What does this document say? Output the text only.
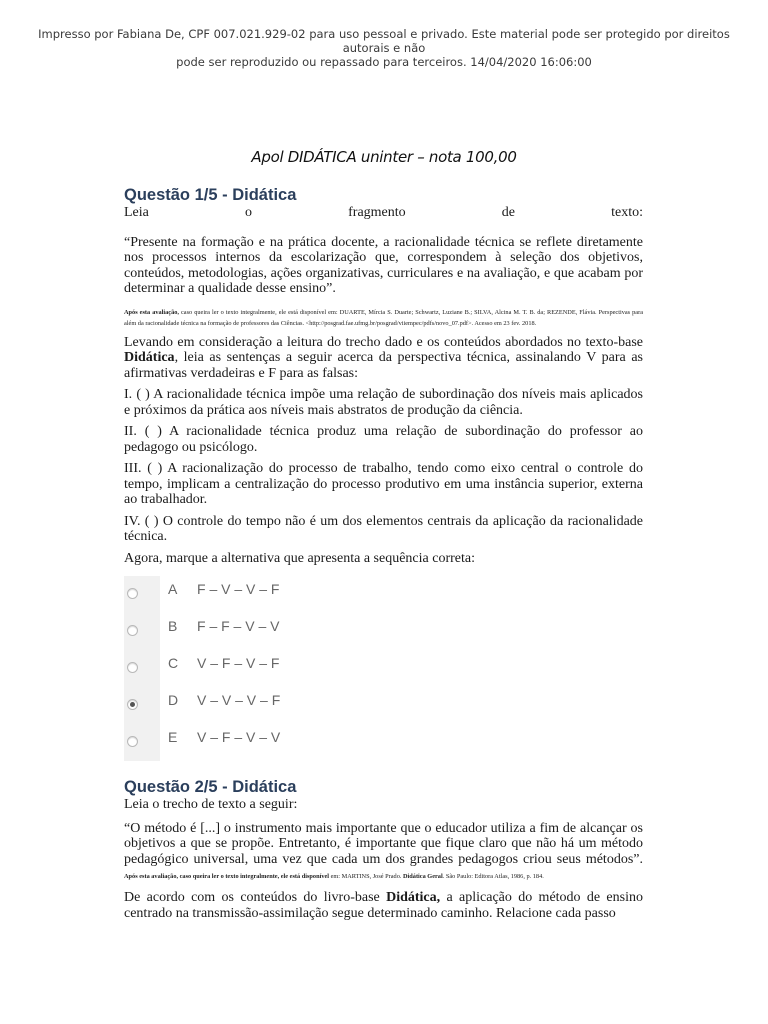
Impresso por Fabiana De, CPF 007.021.929-02 para uso pessoal e privado. Este material pode ser protegido por direitos autorais e não
pode ser reproduzido ou repassado para terceiros. 14/04/2020 16:06:00
Apol DIDÁTICA uninter – nota 100,00
Questão 1/5 - Didática

Leia o fragmento de texto:

“Presente na formação e na prática docente, a racionalidade técnica se reflete diretamente nos processos internos da escolarização que, correspondem à seleção dos objetivos, conteúdos, metodologias, ações organizativas, curriculares e na avaliação, e que acabam por determinar a qualidade desse ensino”.

Após esta avaliação, caso queira ler o texto integralmente, ele está disponível em: DUARTE, Mírcia S. Duarte; Schwartz, Luziane B.; SILVA, Alcina M. T. B. da; REZENDE, Flávia. Perspectivas para além da racionalidade técnica na formação de professores das Ciências. <http://posgrad.fae.ufmg.br/posgrad/viiempec/pdfs/novo_07.pdf>. Acesso em 23 fev. 2018.

Levando em consideração a leitura do trecho dado e os conteúdos abordados no texto-base Didática, leia as sentenças a seguir acerca da perspectiva técnica, assinalando V para as afirmativas verdadeiras e F para as falsas:

I. ( ) A racionalidade técnica impõe uma relação de subordinação dos níveis mais aplicados e próximos da prática aos níveis mais abstratos de produção da ciência.

II. ( ) A racionalidade técnica produz uma relação de subordinação do professor ao pedagogo ou psicólogo.

III. ( ) A racionalização do processo de trabalho, tendo como eixo central o controle do tempo, implicam a centralização do processo produtivo em uma instância superior, externa ao trabalhador.

IV. ( ) O controle do tempo não é um dos elementos centrais da aplicação da racionalidade técnica.

Agora, marque a alternativa que apresenta a sequência correta:

A F – V – V – F
B F – F – V – V
C V – F – V – F
D V – V – V – F
E V – F – V – V
Questão 2/5 - Didática

Leia o trecho de texto a seguir:

“O método é [...] o instrumento mais importante que o educador utiliza a fim de alcançar os objetivos a que se propõe. Entretanto, é importante que fique claro que não há um método pedagógico universal, uma vez que cada um dos grandes pedagogos criou seus métodos”.

Após esta avaliação, caso queira ler o texto integralmente, ele está disponível em: MARTINS, José Prado. Didática Geral. São Paulo: Editora Atlas, 1986, p. 184.

De acordo com os conteúdos do livro-base Didática, a aplicação do método de ensino centrado na transmissão-assimilação segue determinado caminho. Relacione cada passo
